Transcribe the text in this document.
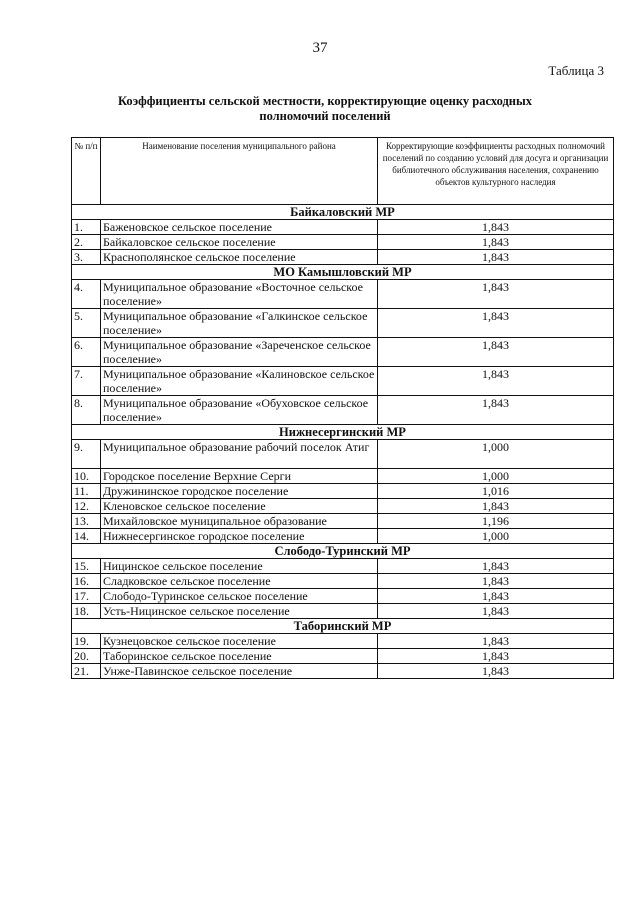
37
Таблица 3
Коэффициенты сельской местности, корректирующие оценку расходных
полномочий поселений
№ п/п	Наименование поселения муниципального района	Корректирующие коэффициенты расходных полномочий поселений по созданию условий для досуга и организации библиотечного обслуживания населения, сохранению объектов культурного наследия
Байкаловский МР		
1.	Баженовское сельское поселение	1,843
2.	Байкаловское сельское поселение	1,843
3.	Краснополянское сельское поселение	1,843
МО Камышловский МР		
4.	Муниципальное образование «Восточное сельское поселение»	1,843
5.	Муниципальное образование «Галкинское сельское поселение»	1,843
6.	Муниципальное образование «Зареченское сельское поселение»	1,843
7.	Муниципальное образование «Калиновское сельское поселение»	1,843
8.	Муниципальное образование «Обуховское сельское поселение»	1,843
Нижнесергинский МР		
9.	Муниципальное образование рабочий поселок Атиг	1,000
10.	Городское поселение Верхние Серги	1,000
11.	Дружининское городское поселение	1,016
12.	Кленовское сельское поселение	1,843
13.	Михайловское муниципальное образование	1,196
14.	Нижнесергинское городское поселение	1,000
Слободо-Туринский МР		
15.	Ницинское сельское поселение	1,843
16.	Сладковское сельское поселение	1,843
17.	Слободо-Туринское сельское поселение	1,843
18.	Усть-Ницинское сельское поселение	1,843
Таборинский МР		
19.	Кузнецовское сельское поселение	1,843
20.	Таборинское сельское поселение	1,843
21.	Унже-Павинское сельское поселение	1,843
